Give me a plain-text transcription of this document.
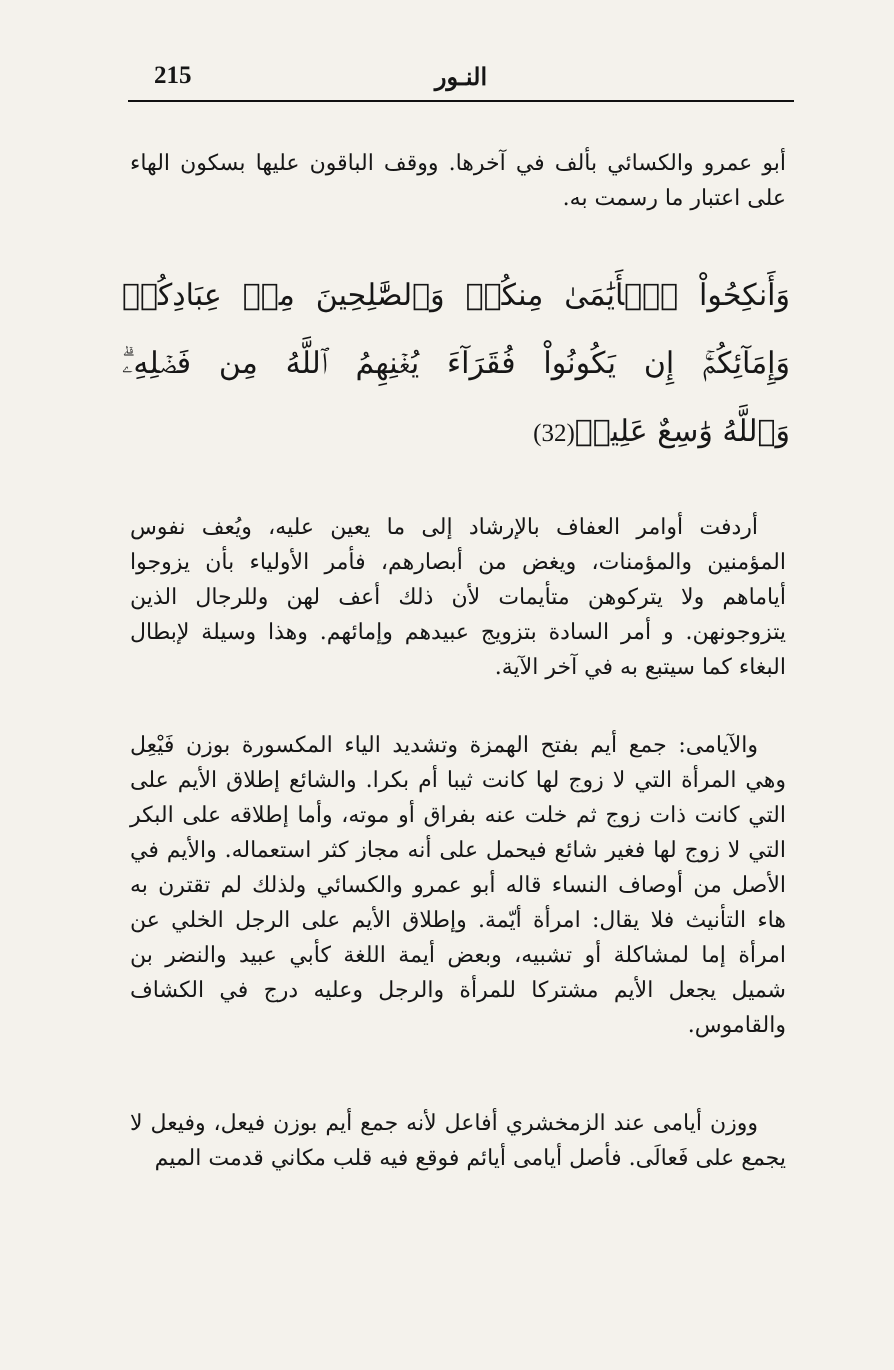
215	النـور

أبو عمرو والكسائي بألف في آخرها. ووقف الباقون عليها بسكون الهاء على اعتبار ما رسمت به.

وَأَنكِحُواْ ٱلۡأَيَٰمَىٰ مِنكُمۡ وَٱلصَّٰلِحِينَ مِنۡ عِبَادِكُمۡ
وَإِمَآئِكُمۡۚ إِن يَكُونُواْ فُقَرَآءَ يُغۡنِهِمُ ٱللَّهُ مِن فَضۡلِهِۦۗ
وَٱللَّهُ وَٰسِعٌ عَلِيمٞ(32)

أردفت أوامر العفاف بالإرشاد إلى ما يعين عليه، ويُعف نفوس المؤمنين والمؤمنات، ويغض من أبصارهم، فأمر الأولياء بأن يزوجوا أياماهم ولا يتركوهن متأيمات لأن ذلك أعف لهن وللرجال الذين يتزوجونهن. و أمر السادة بتزويج عبيدهم وإمائهم. وهذا وسيلة لإبطال البغاء كما سيتبع به في آخر الآية.

والآيامى: جمع أيم بفتح الهمزة وتشديد الياء المكسورة بوزن فَيْعِل وهي المرأة التي لا زوج لها كانت ثيبا أم بكرا. والشائع إطلاق الأيم على التي كانت ذات زوج ثم خلت عنه بفراق أو موته، وأما إطلاقه على البكر التي لا زوج لها فغير شائع فيحمل على أنه مجاز كثر استعماله. والأيم في الأصل من أوصاف النساء قاله أبو عمرو والكسائي ولذلك لم تقترن به هاء التأنيث فلا يقال: امرأة أيّمة. وإطلاق الأيم على الرجل الخلي عن امرأة إما لمشاكلة أو تشبيه، وبعض أيمة اللغة كأبي عبيد والنضر بن شميل يجعل الأيم مشتركا للمرأة والرجل وعليه درج في الكشاف والقاموس.

ووزن أيامى عند الزمخشري أفاعل لأنه جمع أيم بوزن فيعل، وفيعل لا يجمع على فَعالَى. فأصل أيامى أيائم فوقع فيه قلب مكاني قدمت الميم
